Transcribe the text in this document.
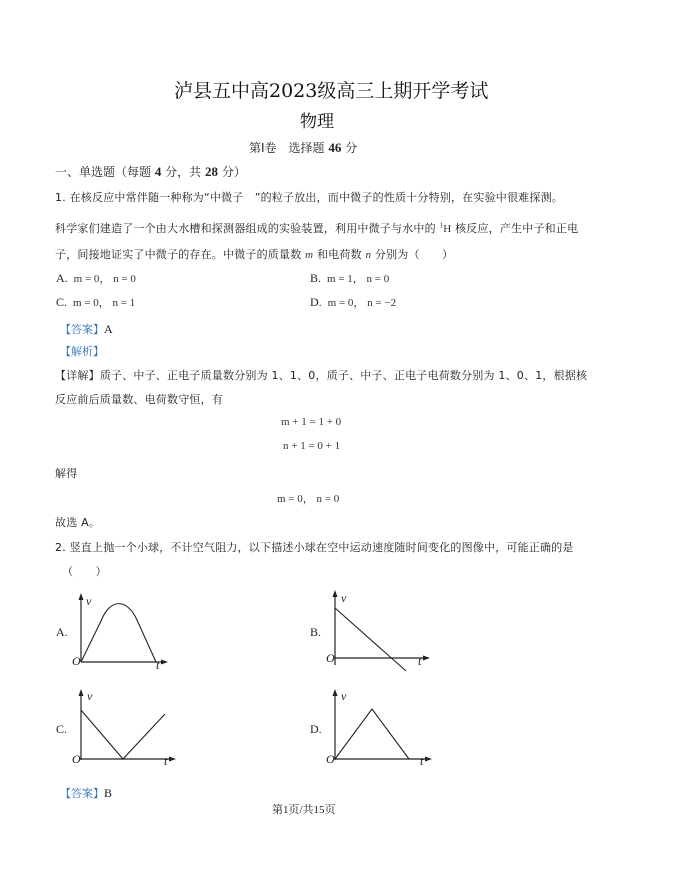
泸县五中高2023级高三上期开学考试
物理
第Ⅰ卷　选择题 46 分
一、单选题（每题 4 分，共 28 分）
1. 在核反应中常伴随一种称为“中微子　”的粒子放出，而中微子的性质十分特别，在实验中很难探测。
科学家们建造了一个由大水槽和探测器组成的实验装置，利用中微子与水中的 $^1$H 核反应，产生中子和正电
子，间接地证实了中微子的存在。中微子的质量数 m 和电荷数 n 分别为（　　）
A. m = 0， n = 0	B. m = 1， n = 0
C. m = 0， n = 1	D. m = 0， n = −2
【答案】A
【解析】
【详解】质子、中子、正电子质量数分别为 1、1、0，质子、中子、正电子电荷数分别为 1、0、1，根据核
反应前后质量数、电荷数守恒，有
m + 1 = 1 + 0
n + 1 = 0 + 1
解得
m = 0， n = 0
故选 A。
2. 竖直上抛一个小球，不计空气阻力，以下描述小球在空中运动速度随时间变化的图像中，可能正确的是
（　　）
A.
v
O	t
B.
v
O	t
C.
v
O	t
D.
v
O	t
【答案】B
第1页/共15页
